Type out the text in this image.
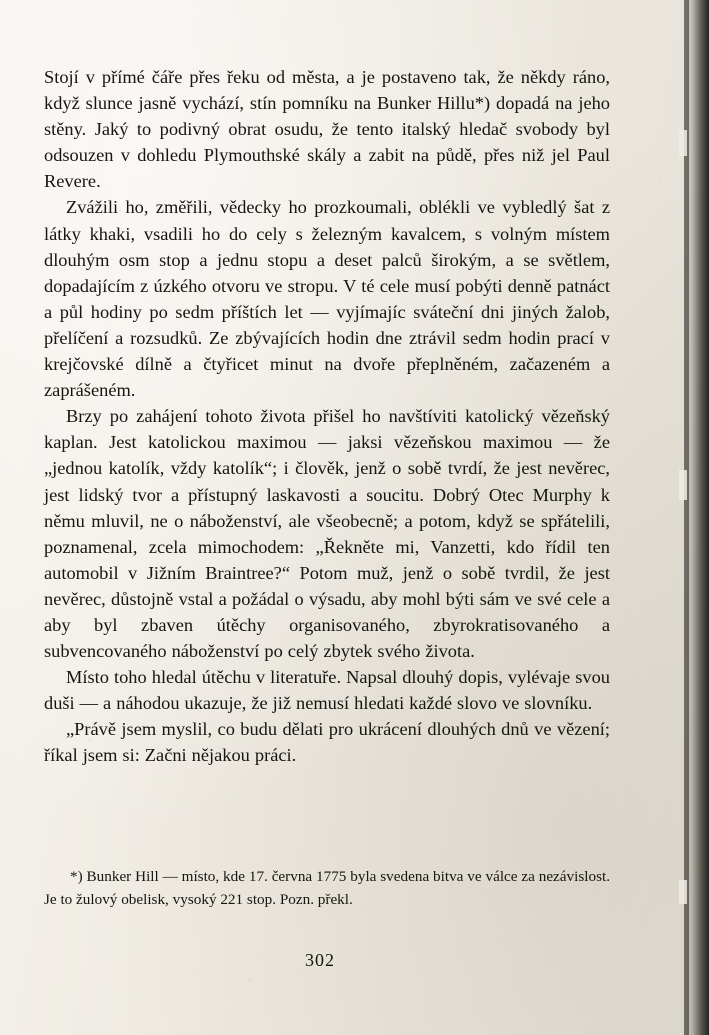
Stojí v přímé čáře přes řeku od města, a je postaveno tak, že někdy ráno, když slunce jasně vychází, stín pomníku na Bunker Hillu*) dopadá na jeho stěny. Jaký to podivný obrat osudu, že tento italský hledač svobody byl odsouzen v dohledu Plymouthské skály a zabit na půdě, přes niž jel Paul Revere.

Zvážili ho, změřili, vědecky ho prozkoumali, oblékli ve vybledlý šat z látky khaki, vsadili ho do cely s železným kavalcem, s volným místem dlouhým osm stop a jednu stopu a deset palců širokým, a se světlem, dopadajícím z úzkého otvoru ve stropu. V té cele musí pobýti denně patnáct a půl hodiny po sedm příštích let — vyjímajíc sváteční dni jiných žalob, přelíčení a rozsudků. Ze zbývajících hodin dne ztrávil sedm hodin prací v krejčovské dílně a čtyřicet minut na dvoře přeplněném, začazeném a zaprášeném.

Brzy po zahájení tohoto života přišel ho navštíviti katolický vězeňský kaplan. Jest katolickou maximou — jaksi vězeňskou maximou — že „jednou katolík, vždy katolík“; i člověk, jenž o sobě tvrdí, že jest nevěrec, jest lidský tvor a přístupný laskavosti a soucitu. Dobrý Otec Murphy k němu mluvil, ne o náboženství, ale všeobecně; a potom, když se spřátelili, poznamenal, zcela mimochodem: „Řekněte mi, Vanzetti, kdo řídil ten automobil v Jižním Braintree?“ Potom muž, jenž o sobě tvrdil, že jest nevěrec, důstojně vstal a požádal o výsadu, aby mohl býti sám ve své cele a aby byl zbaven útěchy organisovaného, zbyrokratisovaného a subvencovaného náboženství po celý zbytek svého života.

Místo toho hledal útěchu v literatuře. Napsal dlouhý dopis, vylévaje svou duši — a náhodou ukazuje, že již nemusí hledati každé slovo ve slovníku.

„Právě jsem myslil, co budu dělati pro ukrácení dlouhých dnů ve vězení; říkal jsem si: Začni nějakou práci.

*) Bunker Hill — místo, kde 17. června 1775 byla svedena bitva ve válce za nezávislost. Je to žulový obelisk, vysoký 221 stop. Pozn. překl.
302
